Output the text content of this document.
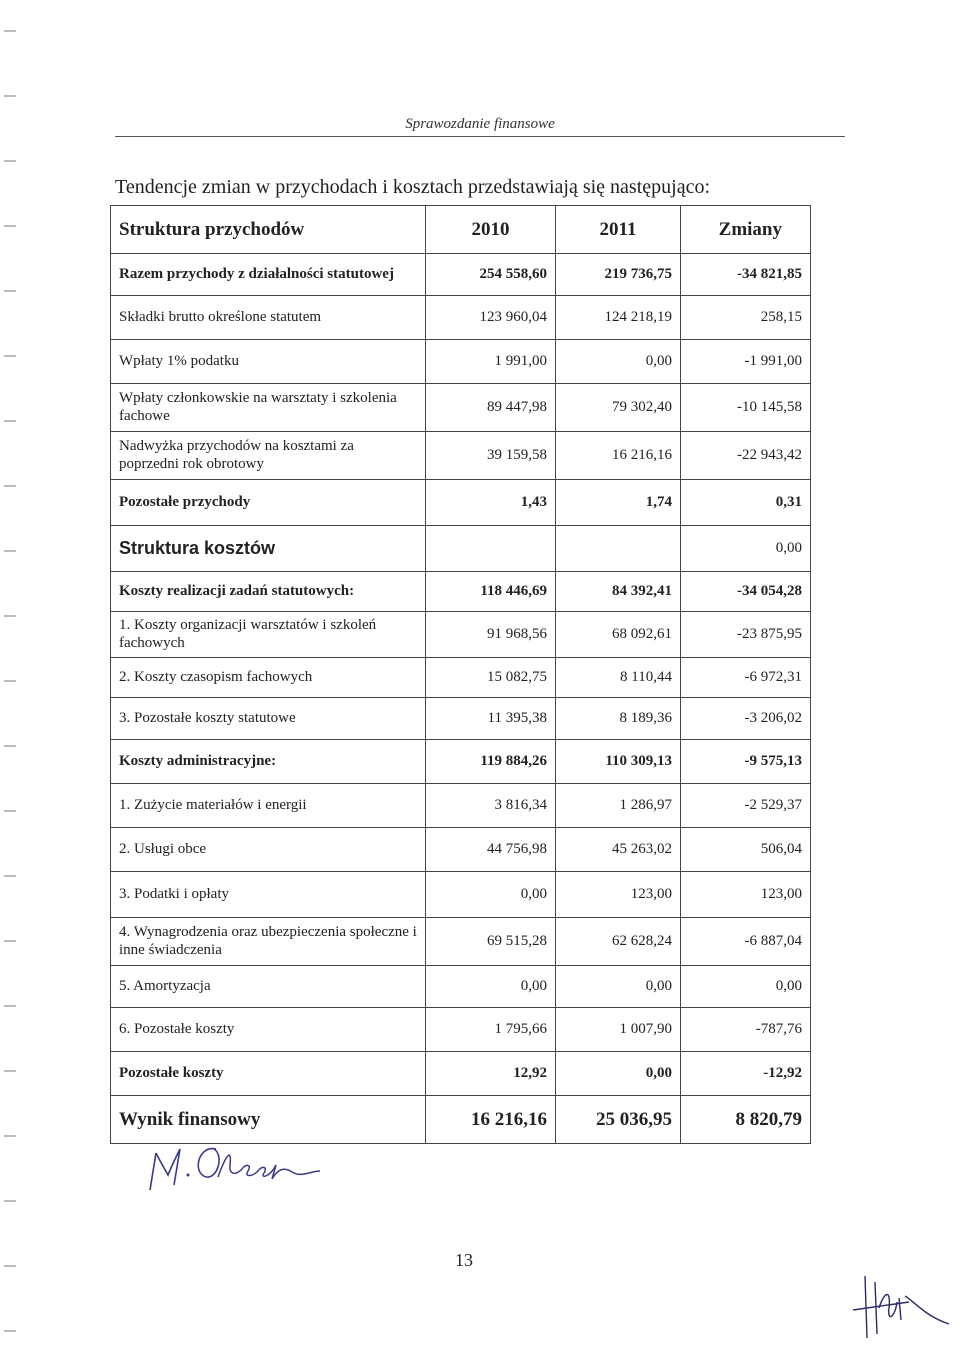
Sprawozdanie finansowe
Tendencje zmian w przychodach i kosztach przedstawiają się następująco:
Struktura przychodów	2010	2011	Zmiany
Razem przychody z działalności statutowej	254 558,60	219 736,75	-34 821,85
Składki brutto określone statutem	123 960,04	124 218,19	258,15
Wpłaty 1% podatku	1 991,00	0,00	-1 991,00
Wpłaty członkowskie na warsztaty i szkolenia fachowe	89 447,98	79 302,40	-10 145,58
Nadwyżka przychodów na kosztami za poprzedni rok obrotowy	39 159,58	16 216,16	-22 943,42
Pozostałe przychody	1,43	1,74	0,31
Struktura kosztów			0,00
Koszty realizacji zadań statutowych:	118 446,69	84 392,41	-34 054,28
1. Koszty organizacji warsztatów i szkoleń fachowych	91 968,56	68 092,61	-23 875,95
2. Koszty czasopism fachowych	15 082,75	8 110,44	-6 972,31
3. Pozostałe koszty statutowe	11 395,38	8 189,36	-3 206,02
Koszty administracyjne:	119 884,26	110 309,13	-9 575,13
1. Zużycie materiałów i energii	3 816,34	1 286,97	-2 529,37
2. Usługi obce	44 756,98	45 263,02	506,04
3. Podatki i opłaty	0,00	123,00	123,00
4. Wynagrodzenia oraz ubezpieczenia społeczne i inne świadczenia	69 515,28	62 628,24	-6 887,04
5. Amortyzacja	0,00	0,00	0,00
6. Pozostałe koszty	1 795,66	1 007,90	-787,76
Pozostałe koszty	12,92	0,00	-12,92
Wynik finansowy	16 216,16	25 036,95	8 820,79
13
